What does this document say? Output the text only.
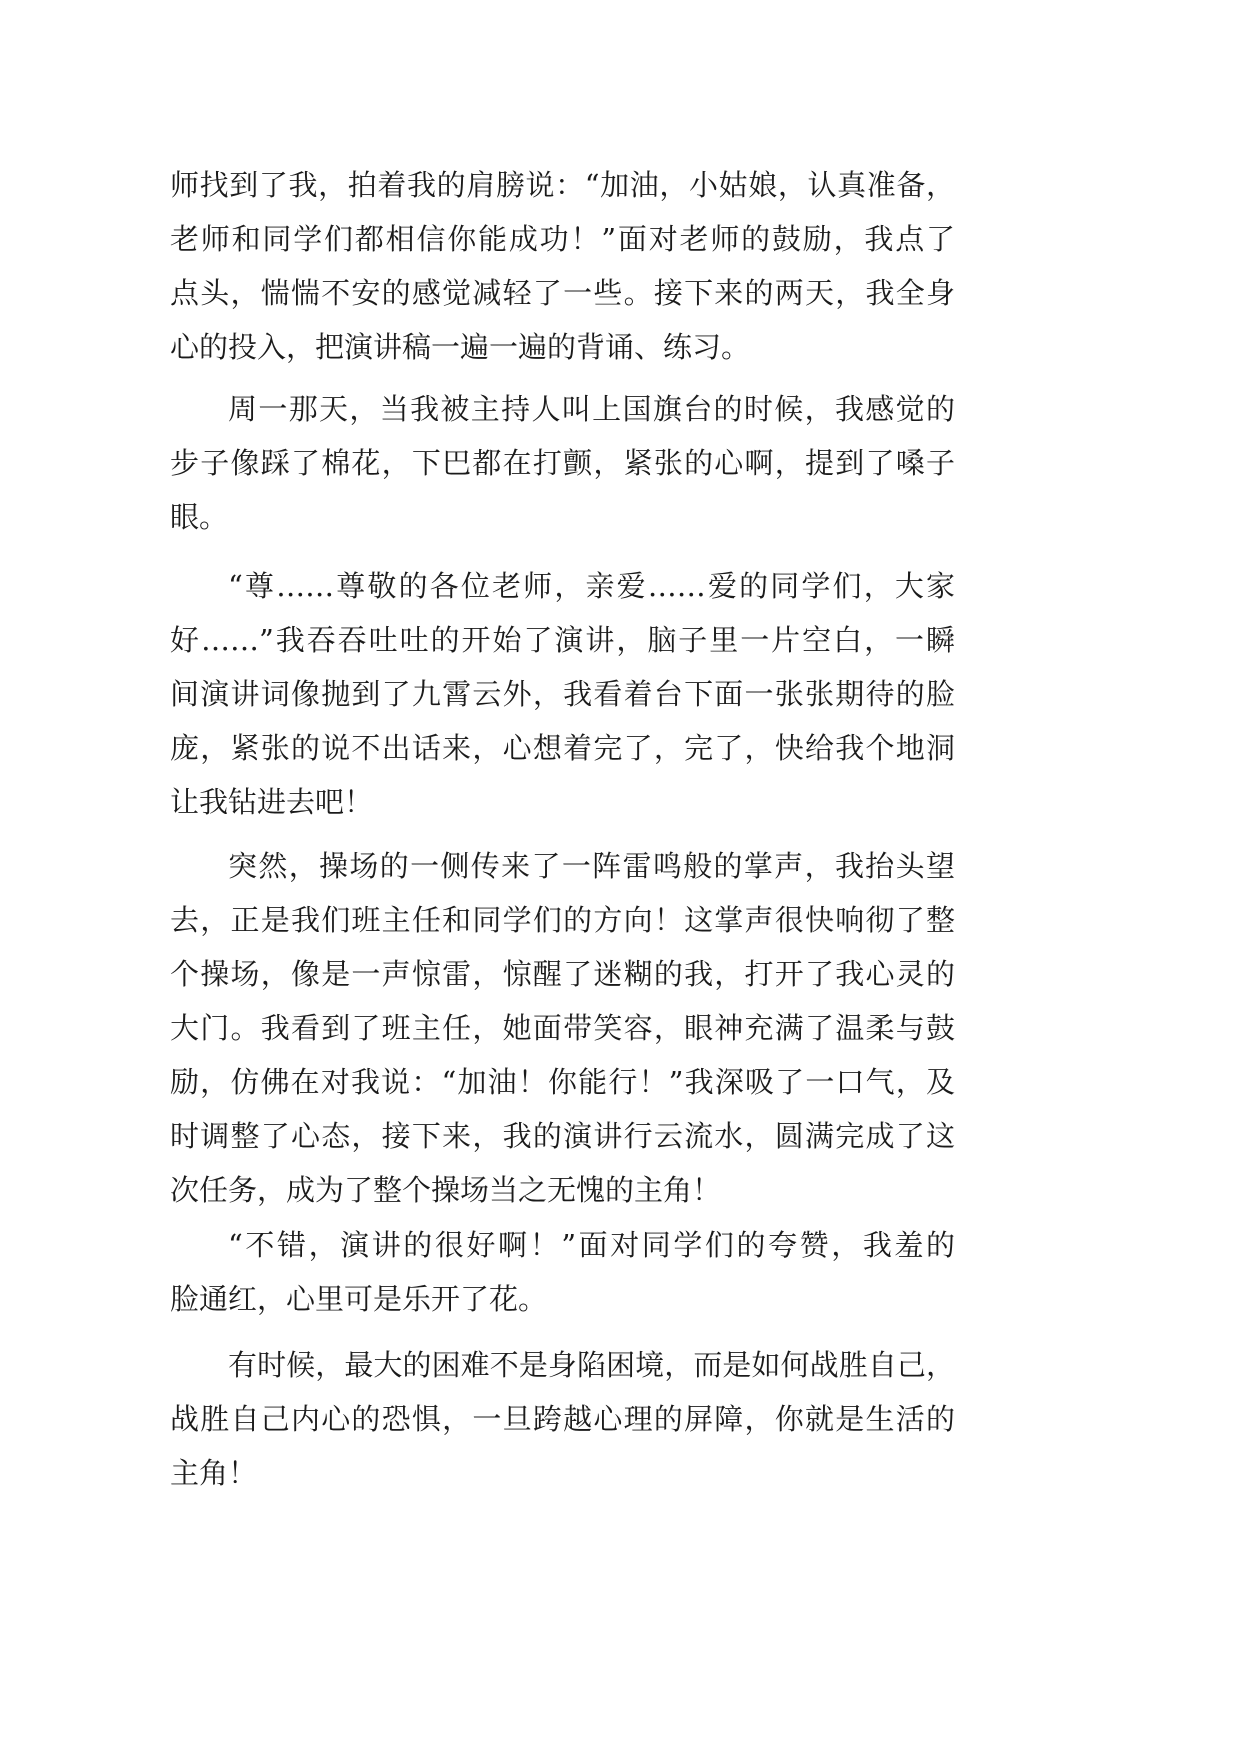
师找到了我，拍着我的肩膀说：“加油，小姑娘，认真准备，
老师和同学们都相信你能成功！”面对老师的鼓励，我点了
点头，惴惴不安的感觉减轻了一些。接下来的两天，我全身
心的投入，把演讲稿一遍一遍的背诵、练习。
周一那天，当我被主持人叫上国旗台的时候，我感觉的
步子像踩了棉花，下巴都在打颤，紧张的心啊，提到了嗓子
眼。
“尊……尊敬的各位老师，亲爱……爱的同学们，大家
好……”我吞吞吐吐的开始了演讲，脑子里一片空白，一瞬
间演讲词像抛到了九霄云外，我看着台下面一张张期待的脸
庞，紧张的说不出话来，心想着完了，完了，快给我个地洞
让我钻进去吧！
突然，操场的一侧传来了一阵雷鸣般的掌声，我抬头望
去，正是我们班主任和同学们的方向！这掌声很快响彻了整
个操场，像是一声惊雷，惊醒了迷糊的我，打开了我心灵的
大门。我看到了班主任，她面带笑容，眼神充满了温柔与鼓
励，仿佛在对我说：“加油！你能行！”我深吸了一口气，及
时调整了心态，接下来，我的演讲行云流水，圆满完成了这
次任务，成为了整个操场当之无愧的主角！
“不错，演讲的很好啊！”面对同学们的夸赞，我羞的
脸通红，心里可是乐开了花。
有时候，最大的困难不是身陷困境，而是如何战胜自己，
战胜自己内心的恐惧，一旦跨越心理的屏障，你就是生活的
主角！
